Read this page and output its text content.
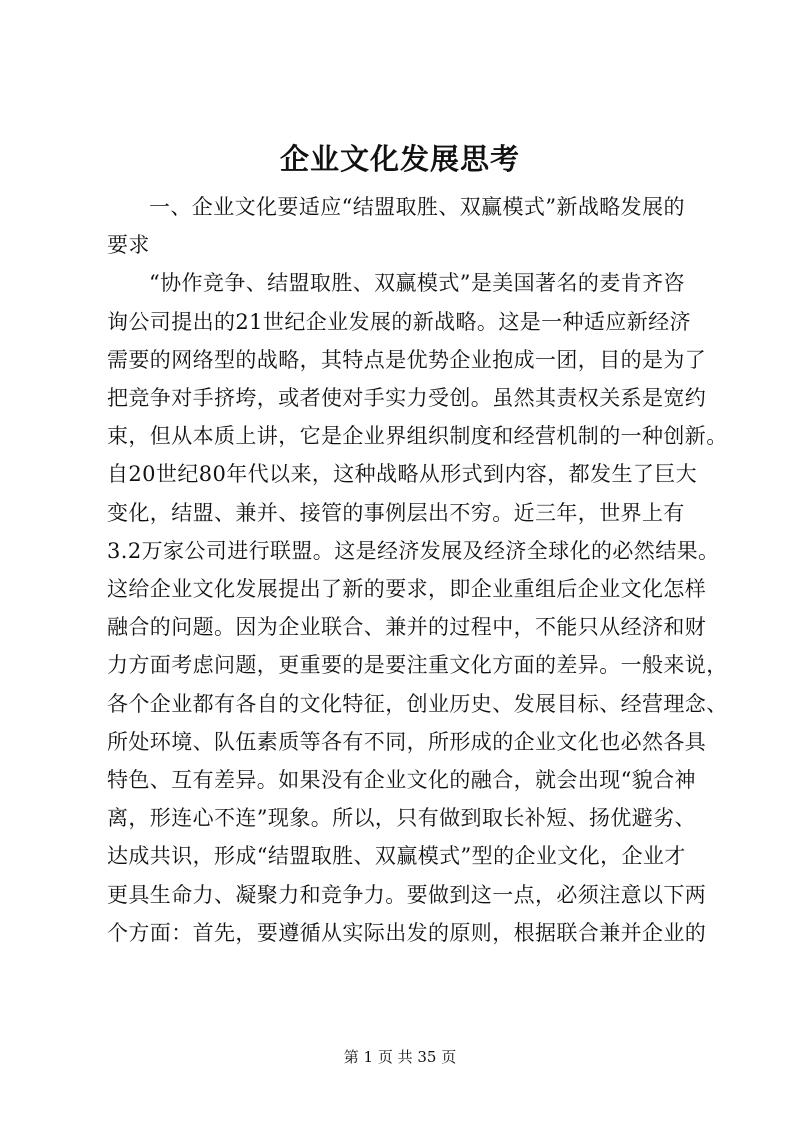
企业文化发展思考

一、企业文化要适应“结盟取胜、双赢模式”新战略发展的
要求

“协作竞争、结盟取胜、双赢模式”是美国著名的麦肯齐咨
询公司提出的21世纪企业发展的新战略。这是一种适应新经济
需要的网络型的战略，其特点是优势企业抱成一团，目的是为了
把竞争对手挤垮，或者使对手实力受创。虽然其责权关系是宽约
束，但从本质上讲，它是企业界组织制度和经营机制的一种创新。
自20世纪80年代以来，这种战略从形式到内容，都发生了巨大
变化，结盟、兼并、接管的事例层出不穷。近三年，世界上有
3.2万家公司进行联盟。这是经济发展及经济全球化的必然结果。
这给企业文化发展提出了新的要求，即企业重组后企业文化怎样
融合的问题。因为企业联合、兼并的过程中，不能只从经济和财
力方面考虑问题，更重要的是要注重文化方面的差异。一般来说，
各个企业都有各自的文化特征，创业历史、发展目标、经营理念、
所处环境、队伍素质等各有不同，所形成的企业文化也必然各具
特色、互有差异。如果没有企业文化的融合，就会出现“貌合神
离，形连心不连”现象。所以，只有做到取长补短、扬优避劣、
达成共识，形成“结盟取胜、双赢模式”型的企业文化，企业才
更具生命力、凝聚力和竞争力。要做到这一点，必须注意以下两
个方面：首先，要遵循从实际出发的原则，根据联合兼并企业的

第 1 页 共 35 页
